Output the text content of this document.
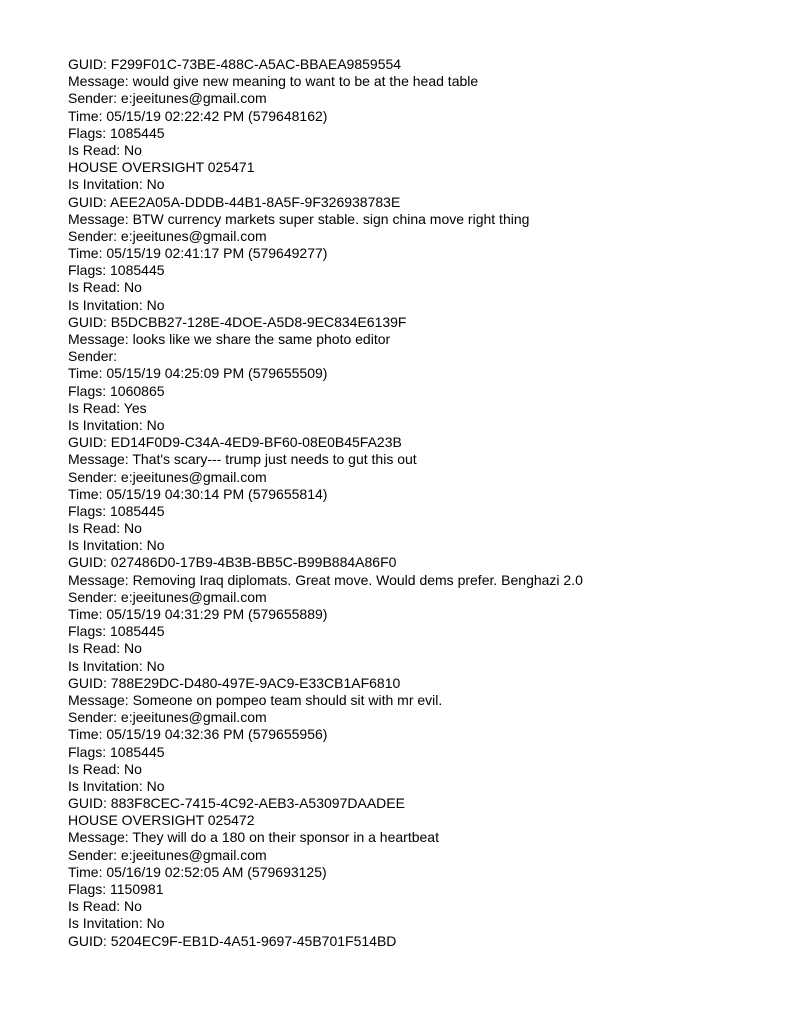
GUID: F299F01C-73BE-488C-A5AC-BBAEA9859554
Message: would give new meaning to want to be at the head table
Sender: e:jeeitunes@gmail.com
Time: 05/15/19 02:22:42 PM (579648162)
Flags: 1085445
Is Read: No
HOUSE OVERSIGHT 025471
Is Invitation: No
GUID: AEE2A05A-DDDB-44B1-8A5F-9F326938783E
Message: BTW currency markets super stable. sign china move right thing
Sender: e:jeeitunes@gmail.com
Time: 05/15/19 02:41:17 PM (579649277)
Flags: 1085445
Is Read: No
Is Invitation: No
GUID: B5DCBB27-128E-4DOE-A5D8-9EC834E6139F
Message: looks like we share the same photo editor
Sender:
Time: 05/15/19 04:25:09 PM (579655509)
Flags: 1060865
Is Read: Yes
Is Invitation: No
GUID: ED14F0D9-C34A-4ED9-BF60-08E0B45FA23B
Message: That's scary--- trump just needs to gut this out
Sender: e:jeeitunes@gmail.com
Time: 05/15/19 04:30:14 PM (579655814)
Flags: 1085445
Is Read: No
Is Invitation: No
GUID: 027486D0-17B9-4B3B-BB5C-B99B884A86F0
Message: Removing Iraq diplomats. Great move. Would dems prefer. Benghazi 2.0
Sender: e:jeeitunes@gmail.com
Time: 05/15/19 04:31:29 PM (579655889)
Flags: 1085445
Is Read: No
Is Invitation: No
GUID: 788E29DC-D480-497E-9AC9-E33CB1AF6810
Message: Someone on pompeo team should sit with mr evil.
Sender: e:jeeitunes@gmail.com
Time: 05/15/19 04:32:36 PM (579655956)
Flags: 1085445
Is Read: No
Is Invitation: No
GUID: 883F8CEC-7415-4C92-AEB3-A53097DAADEE
HOUSE OVERSIGHT 025472
Message: They will do a 180 on their sponsor in a heartbeat
Sender: e:jeeitunes@gmail.com
Time: 05/16/19 02:52:05 AM (579693125)
Flags: 1150981
Is Read: No
Is Invitation: No
GUID: 5204EC9F-EB1D-4A51-9697-45B701F514BD
